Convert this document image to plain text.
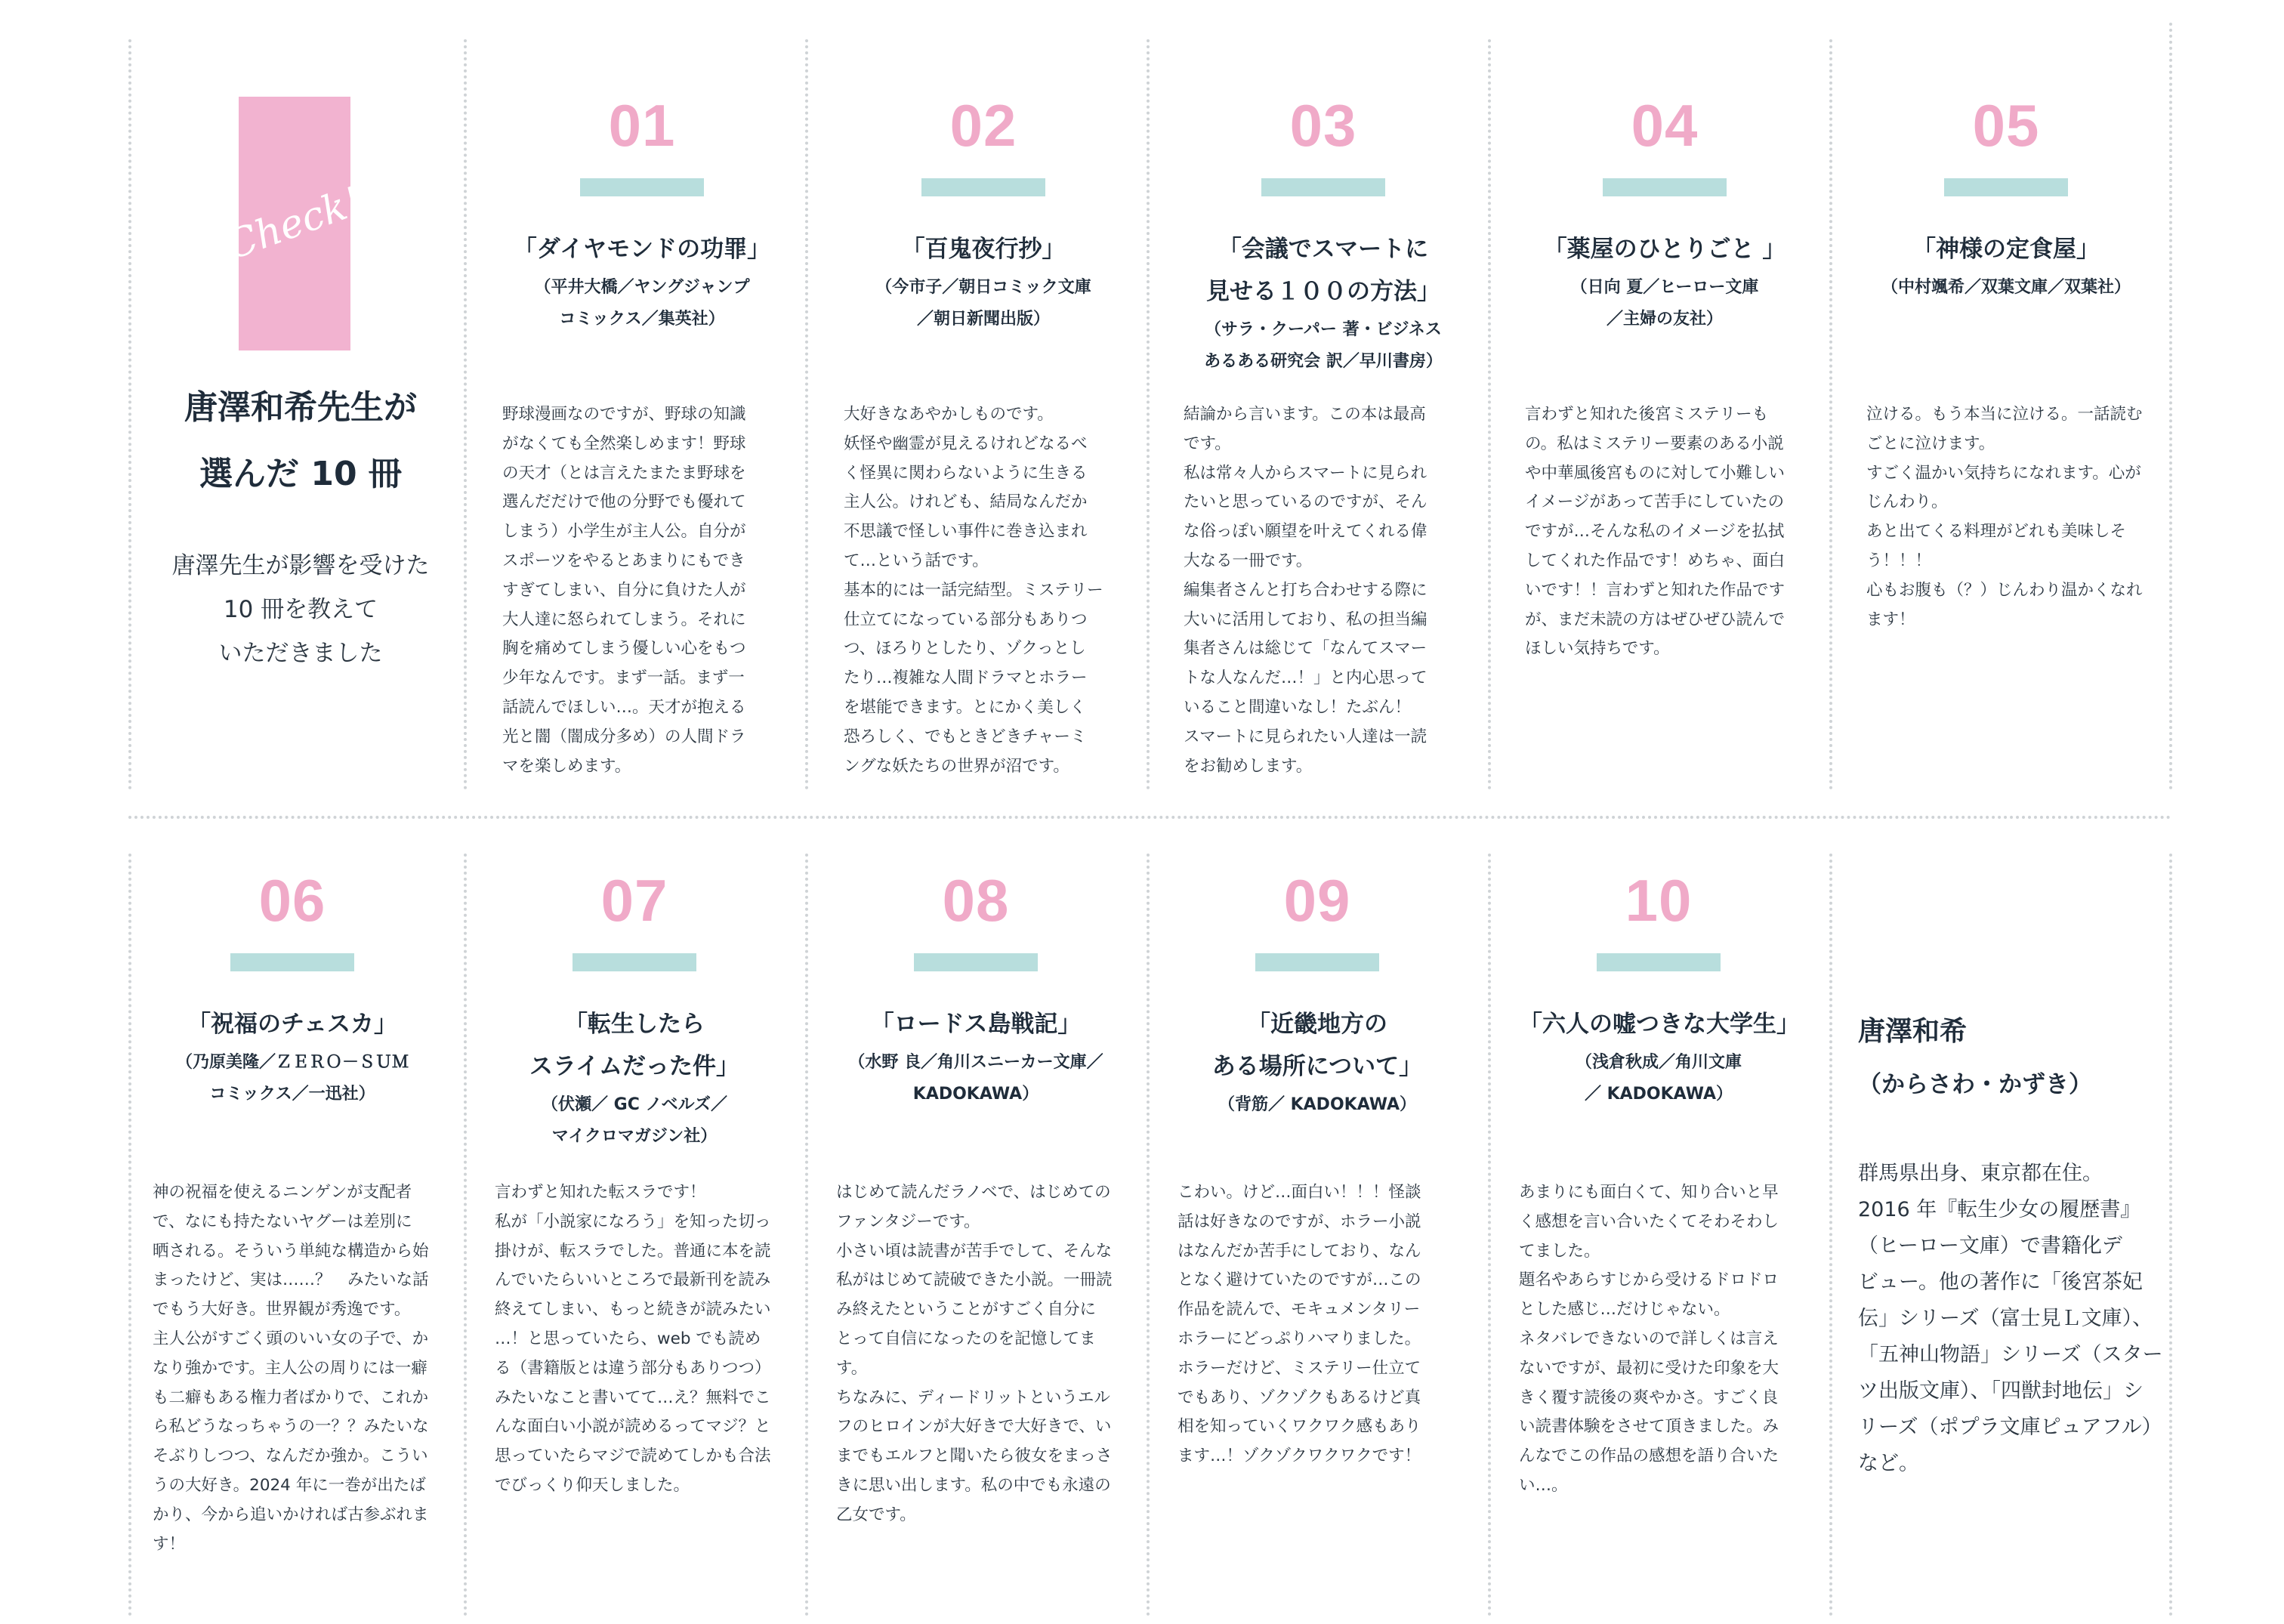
Check!
唐澤和希先生が
選んだ 10 冊
唐澤先生が影響を受けた
10 冊を教えて
いただきました
01
「ダイヤモンドの功罪」
（平井大橋／ヤングジャンプ
コミックス／集英社）
野球漫画なのですが、野球の知識
がなくても全然楽しめます！野球
の天才（とは言えたまたま野球を
選んだだけで他の分野でも優れて
しまう）小学生が主人公。自分が
スポーツをやるとあまりにもでき
すぎてしまい、自分に負けた人が
大人達に怒られてしまう。それに
胸を痛めてしまう優しい心をもつ
少年なんです。まず一話。まず一
話読んでほしい…。天才が抱える
光と闇（闇成分多め）の人間ドラ
マを楽しめます。
02
「百鬼夜行抄」
（今市子／朝日コミック文庫
／朝日新聞出版）
大好きなあやかしものです。
妖怪や幽霊が見えるけれどなるべ
く怪異に関わらないように生きる
主人公。けれども、結局なんだか
不思議で怪しい事件に巻き込まれ
て…という話です。
基本的には一話完結型。ミステリー
仕立てになっている部分もありつ
つ、ほろりとしたり、ゾクっとし
たり…複雑な人間ドラマとホラー
を堪能できます。とにかく美しく
恐ろしく、でもときどきチャーミ
ングな妖たちの世界が沼です。
03
「会議でスマートに
見せる１００の方法」
（サラ・クーパー 著・ビジネス
あるある研究会 訳／早川書房）
結論から言います。この本は最高
です。
私は常々人からスマートに見られ
たいと思っているのですが、そん
な俗っぽい願望を叶えてくれる偉
大なる一冊です。
編集者さんと打ち合わせする際に
大いに活用しており、私の担当編
集者さんは総じて「なんてスマー
トな人なんだ…！」と内心思って
いること間違いなし！たぶん！
スマートに見られたい人達は一読
をお勧めします。
04
「薬屋のひとりごと 」
（日向 夏／ヒーロー文庫
／主婦の友社）
言わずと知れた後宮ミステリーも
の。私はミステリー要素のある小説
や中華風後宮ものに対して小難しい
イメージがあって苦手にしていたの
ですが…そんな私のイメージを払拭
してくれた作品です！めちゃ、面白
いです！！言わずと知れた作品です
が、まだ未読の方はぜひぜひ読んで
ほしい気持ちです。
05
「神様の定食屋」
（中村颯希／双葉文庫／双葉社）
泣ける。もう本当に泣ける。一話読む
ごとに泣けます。
すごく温かい気持ちになれます。心が
じんわり。
あと出てくる料理がどれも美味しそ
う！！！
心もお腹も（？）じんわり温かくなれ
ます！
06
「祝福のチェスカ」
（乃原美隆／ＺＥＲＯ－ＳＵＭ
コミックス／一迅社）
神の祝福を使えるニンゲンが支配者
で、なにも持たないヤグーは差別に
晒される。そういう単純な構造から始
まったけど、実は……？　みたいな話
でもう大好き。世界観が秀逸です。
主人公がすごく頭のいい女の子で、か
なり強かです。主人公の周りには一癖
も二癖もある権力者ばかりで、これか
ら私どうなっちゃうの一？？みたいな
そぶりしつつ、なんだか強か。こうい
うの大好き。2024 年に一巻が出たば
かり、今から追いかければ古参ぶれま
す！
07
「転生したら
スライムだった件」
（伏瀬／ GC ノベルズ／
マイクロマガジン社）
言わずと知れた転スラです！
私が「小説家になろう」を知った切っ
掛けが、転スラでした。普通に本を読
んでいたらいいところで最新刊を読み
終えてしまい、もっと続きが読みたい
…！と思っていたら、web でも読め
る（書籍版とは違う部分もありつつ）
みたいなこと書いてて…え？無料でこ
んな面白い小説が読めるってマジ？と
思っていたらマジで読めてしかも合法
でびっくり仰天しました。
08
「ロードス島戦記」
（水野 良／角川スニーカー文庫／
KADOKAWA）
はじめて読んだラノベで、はじめての
ファンタジーです。
小さい頃は読書が苦手でして、そんな
私がはじめて読破できた小説。一冊読
み終えたということがすごく自分に
とって自信になったのを記憶してま
す。
ちなみに、ディードリットというエル
フのヒロインが大好きで大好きで、い
までもエルフと聞いたら彼女をまっさ
きに思い出します。私の中でも永遠の
乙女です。
09
「近畿地方の
ある場所について」
（背筋／ KADOKAWA）
こわい。けど…面白い！！！怪談
話は好きなのですが、ホラー小説
はなんだか苦手にしており、なん
となく避けていたのですが…この
作品を読んで、モキュメンタリー
ホラーにどっぷりハマりました。
ホラーだけど、ミステリー仕立て
でもあり、ゾクゾクもあるけど真
相を知っていくワクワク感もあり
ます…！ゾクゾクワクワクです！
10
「六人の嘘つきな大学生」
（浅倉秋成／角川文庫
／ KADOKAWA）
あまりにも面白くて、知り合いと早
く感想を言い合いたくてそわそわし
てました。
題名やあらすじから受けるドロドロ
とした感じ…だけじゃない。
ネタバレできないので詳しくは言え
ないですが、最初に受けた印象を大
きく覆す読後の爽やかさ。すごく良
い読書体験をさせて頂きました。み
んなでこの作品の感想を語り合いた
い…。
唐澤和希
（からさわ・かずき）
群馬県出身、東京都在住。
2016 年『転生少女の履歴書』
（ヒーロー文庫）で書籍化デ
ビュー。他の著作に「後宮茶妃
伝」シリーズ（富士見Ｌ文庫）、
「五神山物語」シリーズ（スター
ツ出版文庫）、「四獣封地伝」シ
リーズ（ポプラ文庫ピュアフル）
など。
